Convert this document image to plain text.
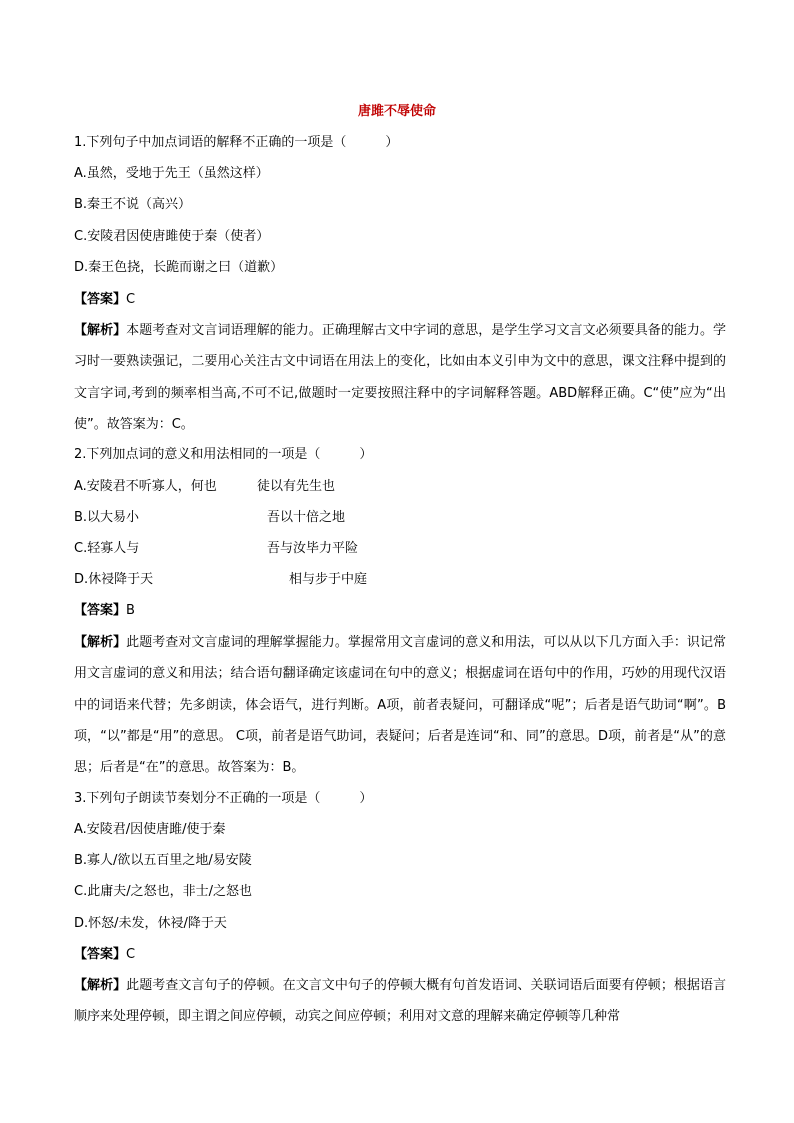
唐雎不辱使命
1.下列句子中加点词语的解释不正确的一项是（　　　）
A.虽然，受地于先王（虽然这样）
B.秦王不说（高兴）
C.安陵君因使唐雎使于秦（使者）
D.秦王色挠，长跪而谢之曰（道歉）
【答案】C
【解析】本题考查对文言词语理解的能力。正确理解古文中字词的意思，是学生学习文言文必须要具备的能力。学习时一要熟读强记，二要用心关注古文中词语在用法上的变化，比如由本义引申为文中的意思，课文注释中提到的文言字词,考到的频率相当高,不可不记,做题时一定要按照注释中的字词解释答题。ABD解释正确。C“使”应为“出使”。故答案为：C。
2.下列加点词的意义和用法相同的一项是（　　　）
A.安陵君不听寡人，何也	徒以有先生也
B.以大易小	吾以十倍之地
C.轻寡人与	吾与汝毕力平险
D.休祲降于天	相与步于中庭
【答案】B
【解析】此题考查对文言虚词的理解掌握能力。掌握常用文言虚词的意义和用法，可以从以下几方面入手：识记常用文言虚词的意义和用法；结合语句翻译确定该虚词在句中的意义；根据虚词在语句中的作用，巧妙的用现代汉语中的词语来代替；先多朗读，体会语气，进行判断。A项，前者表疑问，可翻译成“呢”；后者是语气助词“啊”。B项，“以”都是“用”的意思。 C项，前者是语气助词，表疑问；后者是连词“和、同”的意思。D项，前者是“从”的意思；后者是“在”的意思。故答案为：B。
3.下列句子朗读节奏划分不正确的一项是（　　　）
A.安陵君/因使唐雎/使于秦
B.寡人/欲以五百里之地/易安陵
C.此庸夫/之怒也，非士/之怒也
D.怀怒/未发，休祲/降于天
【答案】C
【解析】此题考查文言句子的停顿。在文言文中句子的停顿大概有句首发语词、关联词语后面要有停顿；根据语言顺序来处理停顿，即主谓之间应停顿，动宾之间应停顿；利用对文意的理解来确定停顿等几种常
